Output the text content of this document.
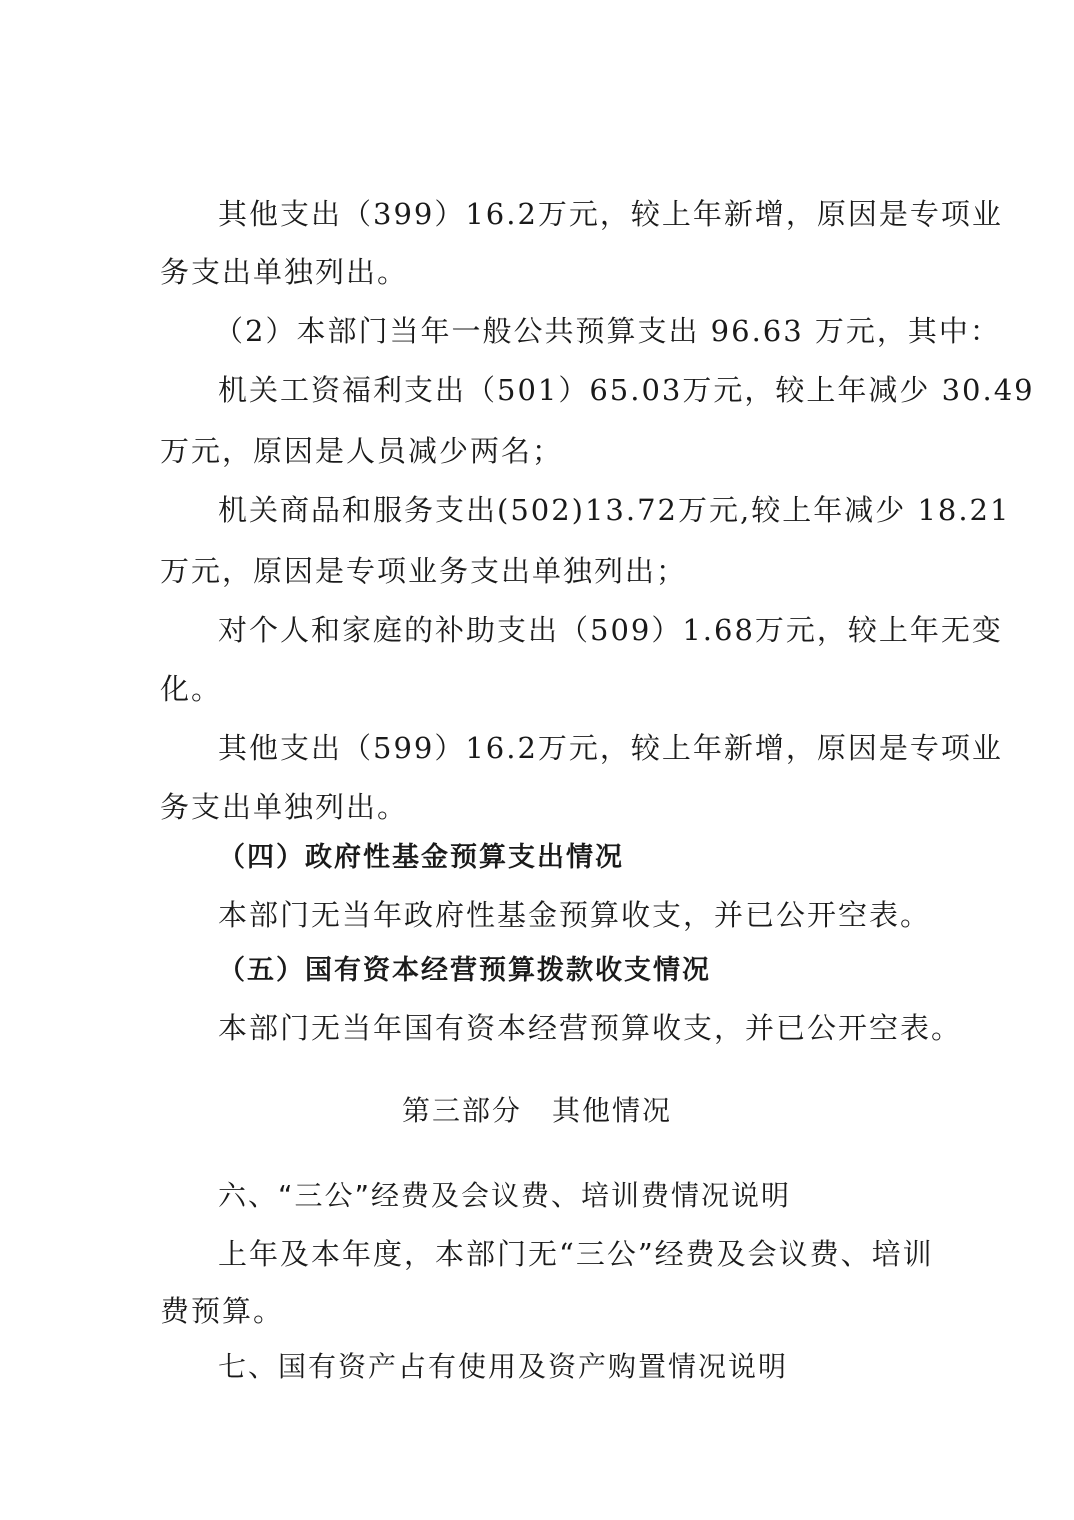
其他支出（399）16.2万元，较上年新增，原因是专项业
务支出单独列出。
（2）本部门当年一般公共预算支出 96.63 万元，其中：
机关工资福利支出（501）65.03万元，较上年减少 30.49
万元，原因是人员减少两名；
机关商品和服务支出(502)13.72万元,较上年减少 18.21
万元，原因是专项业务支出单独列出；
对个人和家庭的补助支出（509）1.68万元，较上年无变
化。
其他支出（599）16.2万元，较上年新增，原因是专项业
务支出单独列出。
（四）政府性基金预算支出情况
本部门无当年政府性基金预算收支，并已公开空表。
（五）国有资本经营预算拨款收支情况
本部门无当年国有资本经营预算收支，并已公开空表。
第三部分　其他情况
六、“三公”经费及会议费、培训费情况说明
上年及本年度，本部门无“三公”经费及会议费、培训
费预算。
七、国有资产占有使用及资产购置情况说明
